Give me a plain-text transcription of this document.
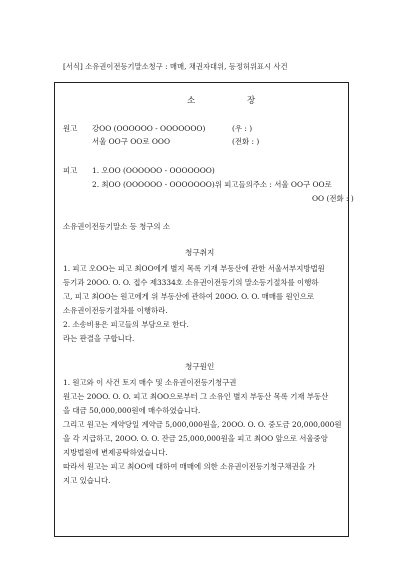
[서식] 소유권이전등기말소청구 : 매매, 채권자대위, 등정허위표시 사건
소	장
원고 강OO (OOOOOO - OOOOOOO)	(우 : )
서울 OO구 OO로 OOO	(전화 : )
피고 1. 오OO (OOOOOO - OOOOOOO)
2. 최OO (OOOOOO - OOOOOOO)위 피고들의주소 : 서울 OO구 OO로
OO (전화 : )
소유권이전등기말소 등 청구의 소
청구취지
1. 피고 오OO는 피고 최OO에게 별지 목록 기재 부동산에 관한 서울서부지방법원
등기과 20OO. O. O. 접수 제3334호 소유권이전등기의 말소등기절차를 이행하
고, 피고 최OO는 원고에게 위 부동산에 관하여 20OO. O. O. 매매를 원인으로
소유권이전등기절차를 이행하라.
2. 소송비용은 피고들의 부담으로 한다.
라는 판결을 구합니다.
청구원인
1. 원고와 이 사건 토지 매수 및 소유권이전등기청구권
원고는 20OO. O. O. 피고 최OO으로부터 그 소유인 별지 부동산 목록 기재 부동산
을 대금 50,000,000원에 매수하였습니다.
그리고 원고는 계약당일 계약금 5,000,000원을, 20OO. O. O. 중도금 20,000,000원
을 각 지급하고, 20OO. O. O. 잔금 25,000,000원을 피고 최OO 앞으로 서울중앙
지방법원에 변제공탁하였습니다.
따라서 원고는 피고 최OO에 대하여 매매에 의한 소유권이전등기청구채권을 가
지고 있습니다.
